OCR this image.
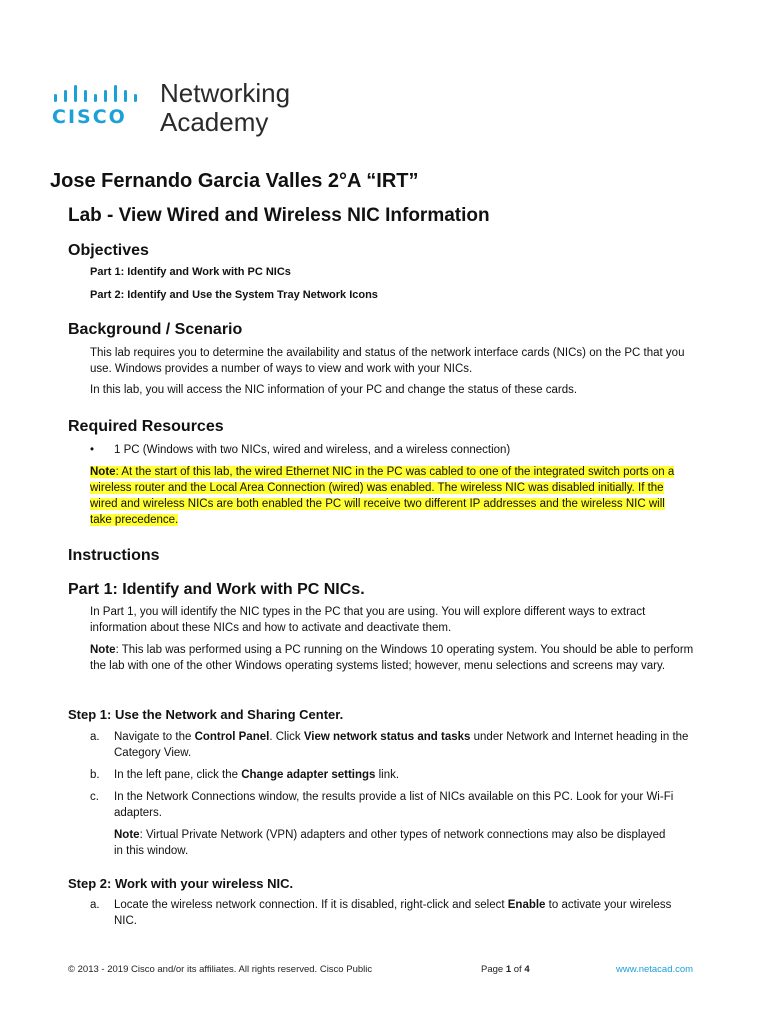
CISCO
Networking
Academy
Jose Fernando Garcia Valles 2°A “IRT”
Lab - View Wired and Wireless NIC Information
Objectives
Part 1: Identify and Work with PC NICs
Part 2: Identify and Use the System Tray Network Icons
Background / Scenario
This lab requires you to determine the availability and status of the network interface cards (NICs) on the PC that you use. Windows provides a number of ways to view and work with your NICs.
In this lab, you will access the NIC information of your PC and change the status of these cards.
Required Resources
•	1 PC (Windows with two NICs, wired and wireless, and a wireless connection)
Note: At the start of this lab, the wired Ethernet NIC in the PC was cabled to one of the integrated switch ports on a wireless router and the Local Area Connection (wired) was enabled. The wireless NIC was disabled initially. If the wired and wireless NICs are both enabled the PC will receive two different IP addresses and the wireless NIC will take precedence.
Instructions
Part 1: Identify and Work with PC NICs.
In Part 1, you will identify the NIC types in the PC that you are using. You will explore different ways to extract information about these NICs and how to activate and deactivate them.
Note: This lab was performed using a PC running on the Windows 10 operating system. You should be able to perform the lab with one of the other Windows operating systems listed; however, menu selections and screens may vary.
Step 1: Use the Network and Sharing Center.
a.	Navigate to the Control Panel. Click View network status and tasks under Network and Internet heading in the Category View.
b.	In the left pane, click the Change adapter settings link.
c.	In the Network Connections window, the results provide a list of NICs available on this PC. Look for your Wi-Fi adapters.
Note: Virtual Private Network (VPN) adapters and other types of network connections may also be displayed in this window.
Step 2: Work with your wireless NIC.
a.	Locate the wireless network connection. If it is disabled, right-click and select Enable to activate your wireless NIC.
© 2013 - 2019 Cisco and/or its affiliates. All rights reserved. Cisco Public	Page 1 of 4	www.netacad.com
